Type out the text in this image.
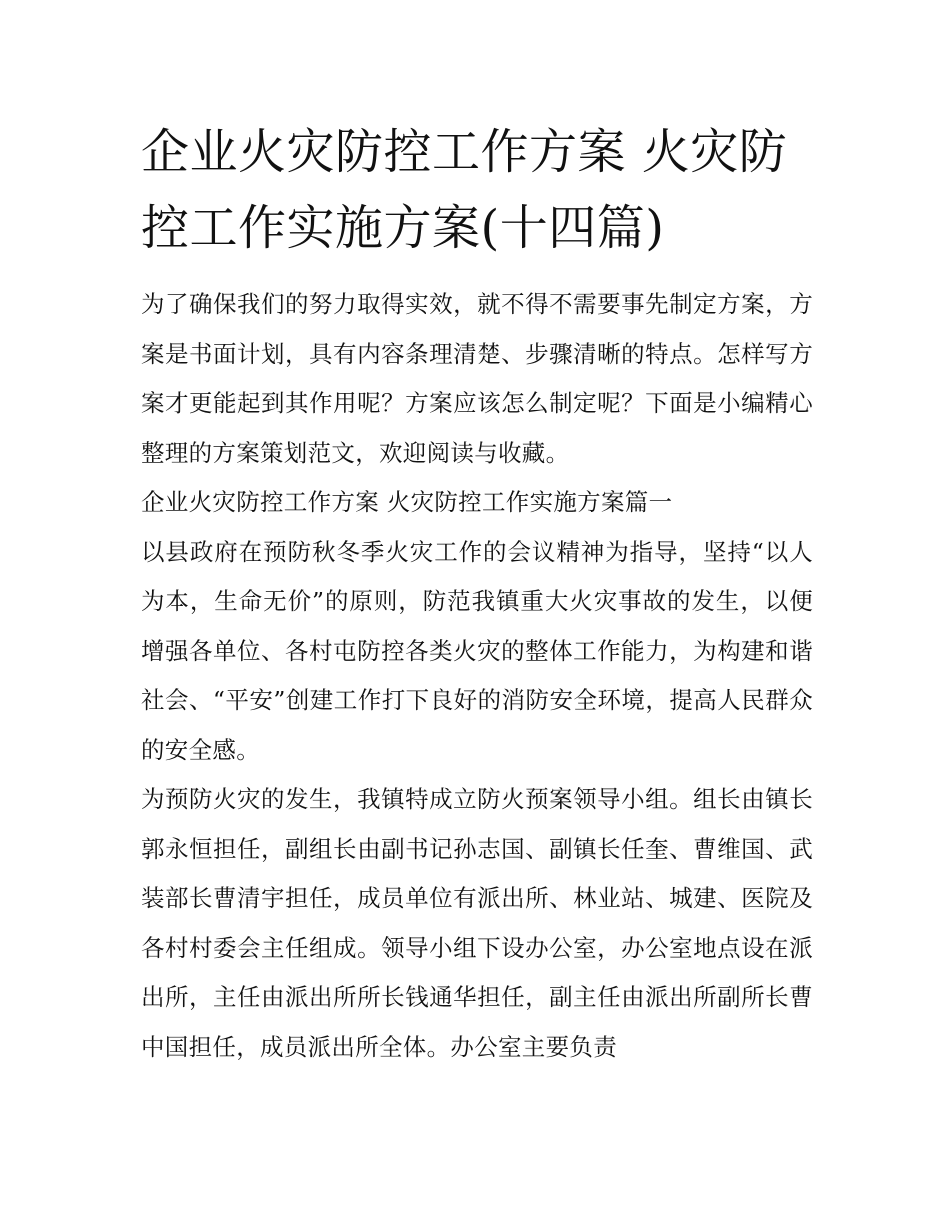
企业火灾防控工作方案 火灾防控工作实施方案(十四篇)

为了确保我们的努力取得实效，就不得不需要事先制定方案，方案是书面计划，具有内容条理清楚、步骤清晰的特点。怎样写方案才更能起到其作用呢？方案应该怎么制定呢？下面是小编精心整理的方案策划范文，欢迎阅读与收藏。

企业火灾防控工作方案 火灾防控工作实施方案篇一

以县政府在预防秋冬季火灾工作的会议精神为指导，坚持“以人为本，生命无价”的原则，防范我镇重大火灾事故的发生，以便增强各单位、各村屯防控各类火灾的整体工作能力，为构建和谐社会、“平安”创建工作打下良好的消防安全环境，提高人民群众的安全感。

为预防火灾的发生，我镇特成立防火预案领导小组。组长由镇长郭永恒担任，副组长由副书记孙志国、副镇长任奎、曹维国、武装部长曹清宇担任，成员单位有派出所、林业站、城建、医院及各村村委会主任组成。领导小组下设办公室，办公室地点设在派出所，主任由派出所所长钱通华担任，副主任由派出所副所长曹中国担任，成员派出所全体。办公室主要负责
